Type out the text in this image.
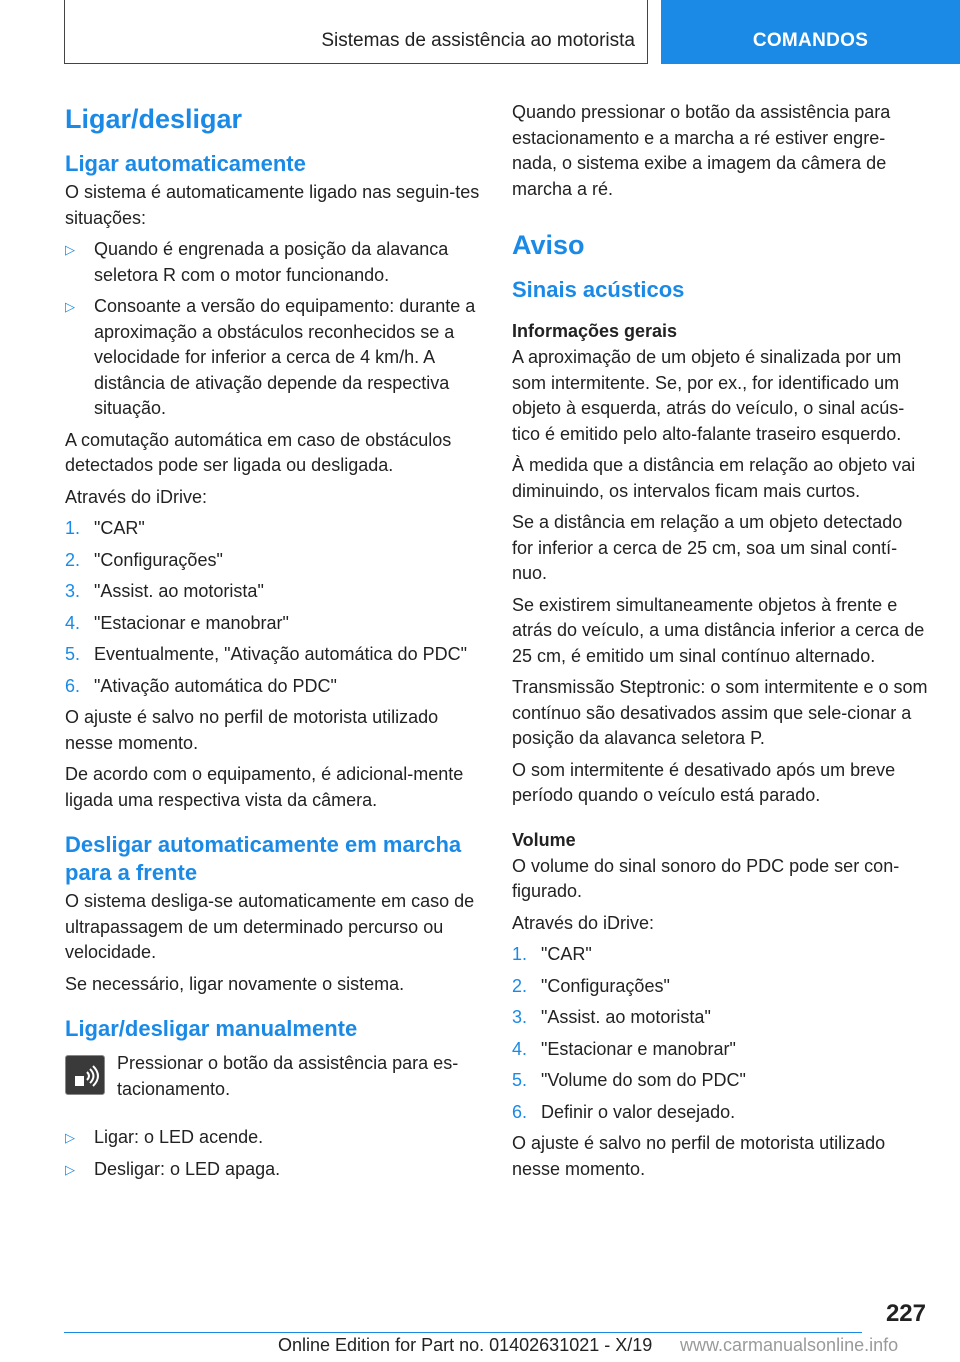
Sistemas de assistência ao motorista	COMANDOS
Ligar/desligar
Ligar automaticamente

O sistema é automaticamente ligado nas seguin-tes situações:

▷ Quando é engrenada a posição da alavanca seletora R com o motor funcionando.
▷ Consoante a versão do equipamento: durante a aproximação a obstáculos reconhecidos se a velocidade for inferior a cerca de 4 km/h. A distância de ativação depende da respectiva situação.

A comutação automática em caso de obstáculos detectados pode ser ligada ou desligada.

Através do iDrive:

1. "CAR"
2. "Configurações"
3. "Assist. ao motorista"
4. "Estacionar e manobrar"
5. Eventualmente, "Ativação automática do PDC"
6. "Ativação automática do PDC"

O ajuste é salvo no perfil de motorista utilizado nesse momento.

De acordo com o equipamento, é adicional-mente ligada uma respectiva vista da câmera.

Desligar automaticamente em marcha para a frente

O sistema desliga-se automaticamente em caso de ultrapassagem de um determinado percurso ou velocidade.

Se necessário, ligar novamente o sistema.

Ligar/desligar manualmente

Pressionar o botão da assistência para es-tacionamento.

▷ Ligar: o LED acende.
▷ Desligar: o LED apaga.

Quando pressionar o botão da assistência para estacionamento e a marcha a ré estiver engre-nada, o sistema exibe a imagem da câmera de marcha a ré.

Aviso
Sinais acústicos
Informações gerais

A aproximação de um objeto é sinalizada por um som intermitente. Se, por ex., for identificado um objeto à esquerda, atrás do veículo, o sinal acús-tico é emitido pelo alto-falante traseiro esquerdo.

À medida que a distância em relação ao objeto vai diminuindo, os intervalos ficam mais curtos.

Se a distância em relação a um objeto detectado for inferior a cerca de 25 cm, soa um sinal contí-nuo.

Se existirem simultaneamente objetos à frente e atrás do veículo, a uma distância inferior a cerca de 25 cm, é emitido um sinal contínuo alternado.

Transmissão Steptronic: o som intermitente e o som contínuo são desativados assim que sele-cionar a posição da alavanca seletora P.

O som intermitente é desativado após um breve período quando o veículo está parado.

Volume

O volume do sinal sonoro do PDC pode ser con-figurado.

Através do iDrive:

1. "CAR"
2. "Configurações"
3. "Assist. ao motorista"
4. "Estacionar e manobrar"
5. "Volume do som do PDC"
6. Definir o valor desejado.

O ajuste é salvo no perfil de motorista utilizado nesse momento.

227
Online Edition for Part no. 01402631021 - X/19 www.carmanualsonline.info
